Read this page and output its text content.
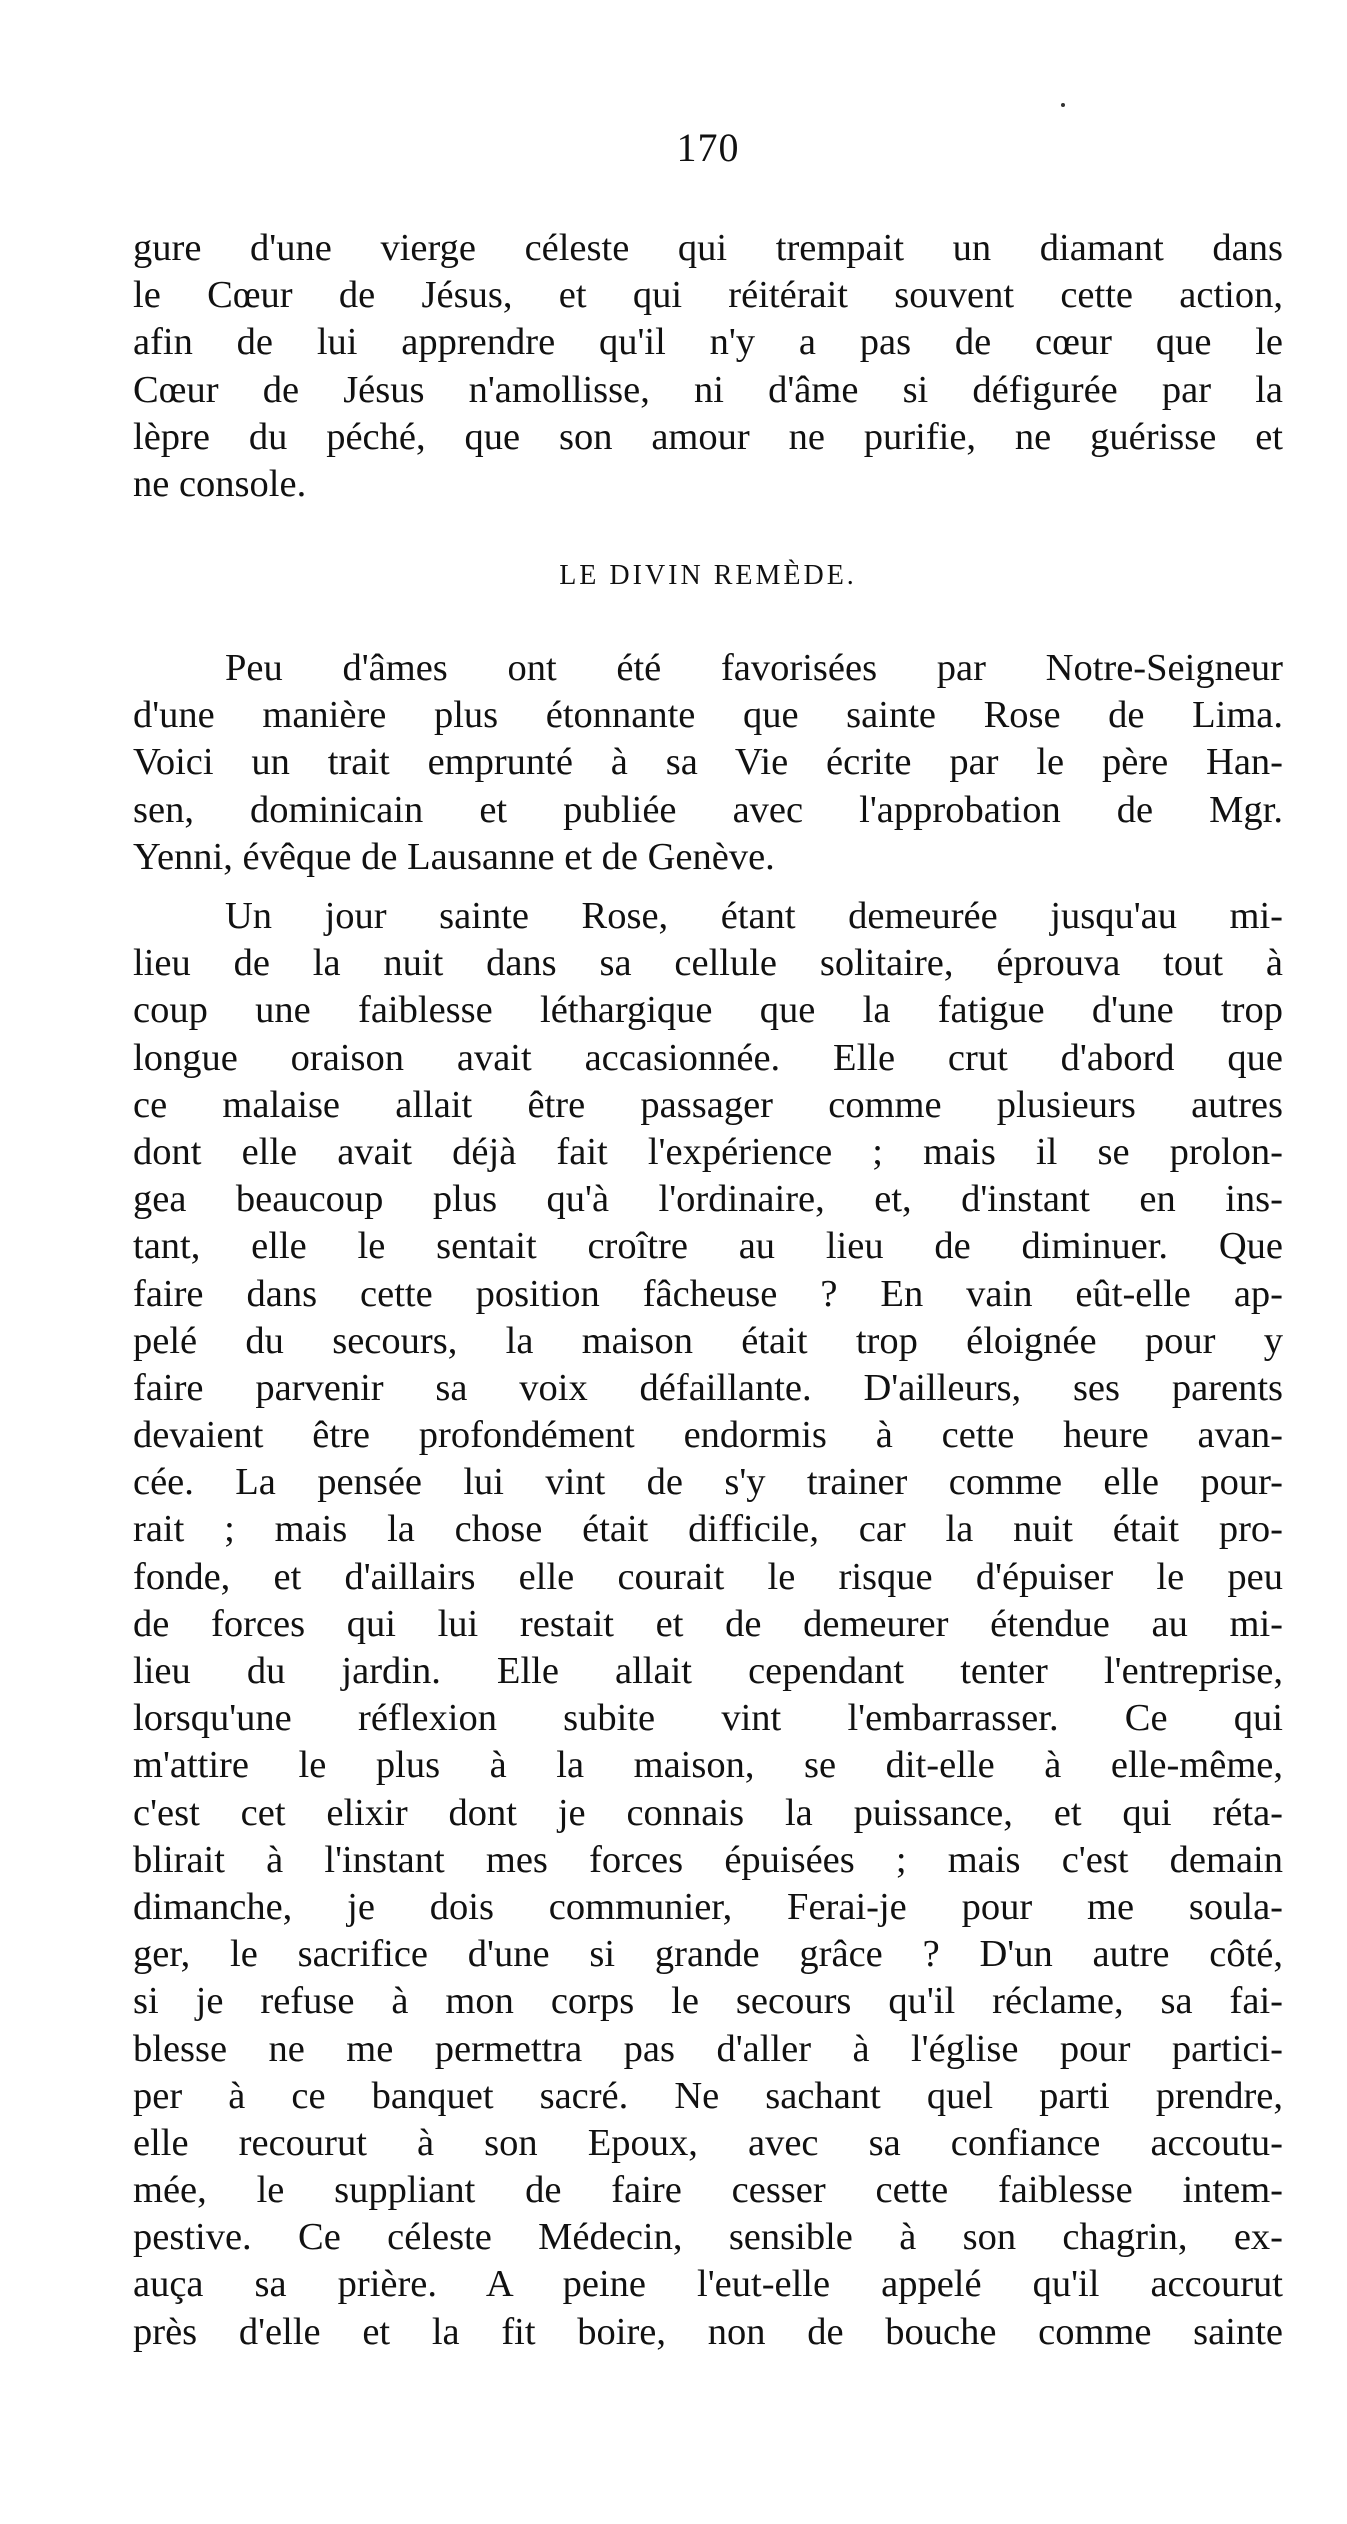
170
gure d'une vierge céleste qui trempait un diamant dans
le Cœur de Jésus, et qui réitérait souvent cette action,
afin de lui apprendre qu'il n'y a pas de cœur que le
Cœur de Jésus n'amollisse, ni d'âme si défigurée par la
lèpre du péché, que son amour ne purifie, ne guérisse et
ne console.
LE DIVIN REMÈDE.
Peu d'âmes ont été favorisées par Notre-Seigneur
d'une manière plus étonnante que sainte Rose de Lima.
Voici un trait emprunté à sa Vie écrite par le père Han-
sen, dominicain et publiée avec l'approbation de Mgr.
Yenni, évêque de Lausanne et de Genève.
Un jour sainte Rose, étant demeurée jusqu'au mi-
lieu de la nuit dans sa cellule solitaire, éprouva tout à
coup une faiblesse léthargique que la fatigue d'une trop
longue oraison avait accasionnée. Elle crut d'abord que
ce malaise allait être passager comme plusieurs autres
dont elle avait déjà fait l'expérience ; mais il se prolon-
gea beaucoup plus qu'à l'ordinaire, et, d'instant en ins-
tant, elle le sentait croître au lieu de diminuer. Que
faire dans cette position fâcheuse ? En vain eût-elle ap-
pelé du secours, la maison était trop éloignée pour y
faire parvenir sa voix défaillante. D'ailleurs, ses parents
devaient être profondément endormis à cette heure avan-
cée. La pensée lui vint de s'y trainer comme elle pour-
rait ; mais la chose était difficile, car la nuit était pro-
fonde, et d'aillairs elle courait le risque d'épuiser le peu
de forces qui lui restait et de demeurer étendue au mi-
lieu du jardin. Elle allait cependant tenter l'entreprise,
lorsqu'une réflexion subite vint l'embarrasser. Ce qui
m'attire le plus à la maison, se dit-elle à elle-même,
c'est cet elixir dont je connais la puissance, et qui réta-
blirait à l'instant mes forces épuisées ; mais c'est demain
dimanche, je dois communier, Ferai-je pour me soula-
ger, le sacrifice d'une si grande grâce ? D'un autre côté,
si je refuse à mon corps le secours qu'il réclame, sa fai-
blesse ne me permettra pas d'aller à l'église pour partici-
per à ce banquet sacré. Ne sachant quel parti prendre,
elle recourut à son Epoux, avec sa confiance accoutu-
mée, le suppliant de faire cesser cette faiblesse intem-
pestive. Ce céleste Médecin, sensible à son chagrin, ex-
auça sa prière. A peine l'eut-elle appelé qu'il accourut
près d'elle et la fit boire, non de bouche comme sainte
